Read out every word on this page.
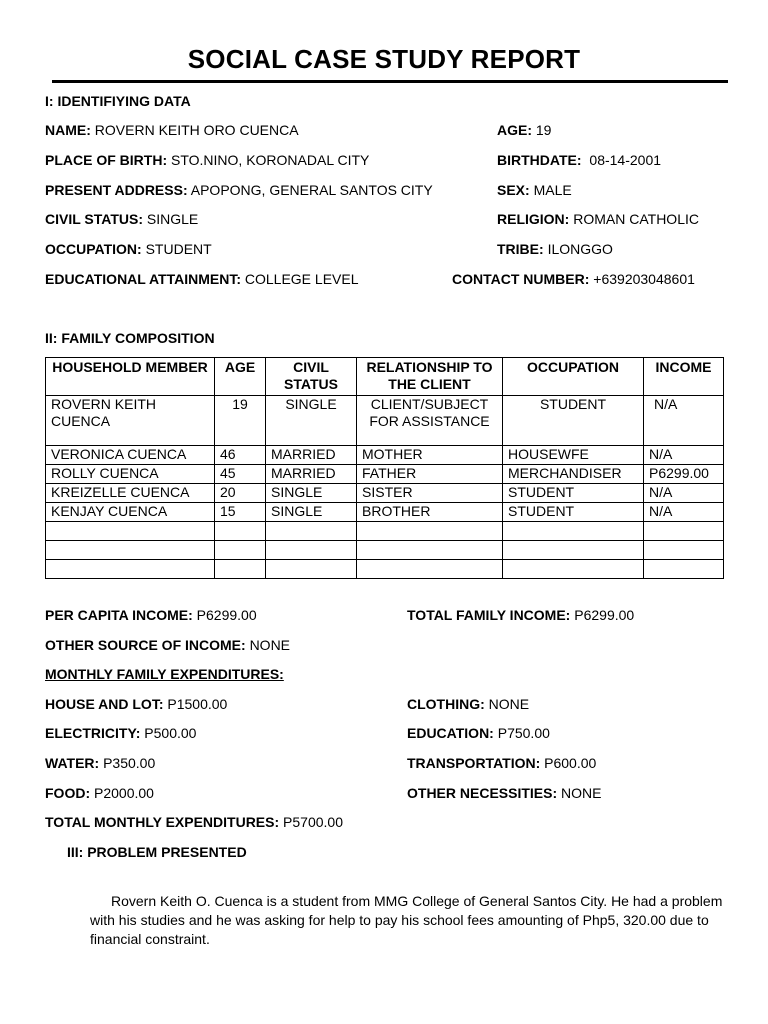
SOCIAL CASE STUDY REPORT
I: IDENTIFIYING DATA
NAME: ROVERN KEITH ORO CUENCA	AGE: 19
PLACE OF BIRTH: STO.NINO, KORONADAL CITY	BIRTHDATE: 08-14-2001
PRESENT ADDRESS: APOPONG, GENERAL SANTOS CITY	SEX: MALE
CIVIL STATUS: SINGLE	RELIGION: ROMAN CATHOLIC
OCCUPATION: STUDENT	TRIBE: ILONGGO
EDUCATIONAL ATTAINMENT: COLLEGE LEVEL	CONTACT NUMBER: +639203048601
II: FAMILY COMPOSITION
HOUSEHOLD MEMBER	AGE	CIVIL STATUS	RELATIONSHIP TO THE CLIENT	OCCUPATION	INCOME
ROVERN KEITH CUENCA	19	SINGLE	CLIENT/SUBJECT FOR ASSISTANCE	STUDENT	N/A
VERONICA CUENCA	46	MARRIED	MOTHER	HOUSEWFE	N/A
ROLLY CUENCA	45	MARRIED	FATHER	MERCHANDISER	P6299.00
KREIZELLE CUENCA	20	SINGLE	SISTER	STUDENT	N/A
KENJAY CUENCA	15	SINGLE	BROTHER	STUDENT	N/A

PER CAPITA INCOME: P6299.00	TOTAL FAMILY INCOME: P6299.00
OTHER SOURCE OF INCOME: NONE
MONTHLY FAMILY EXPENDITURES:
HOUSE AND LOT: P1500.00	CLOTHING: NONE
ELECTRICITY: P500.00	EDUCATION: P750.00
WATER: P350.00	TRANSPORTATION: P600.00
FOOD: P2000.00	OTHER NECESSITIES: NONE
TOTAL MONTHLY EXPENDITURES: P5700.00
III: PROBLEM PRESENTED
Rovern Keith O. Cuenca is a student from MMG College of General Santos City. He had a problem with his studies and he was asking for help to pay his school fees amounting of Php5, 320.00 due to financial constraint.
